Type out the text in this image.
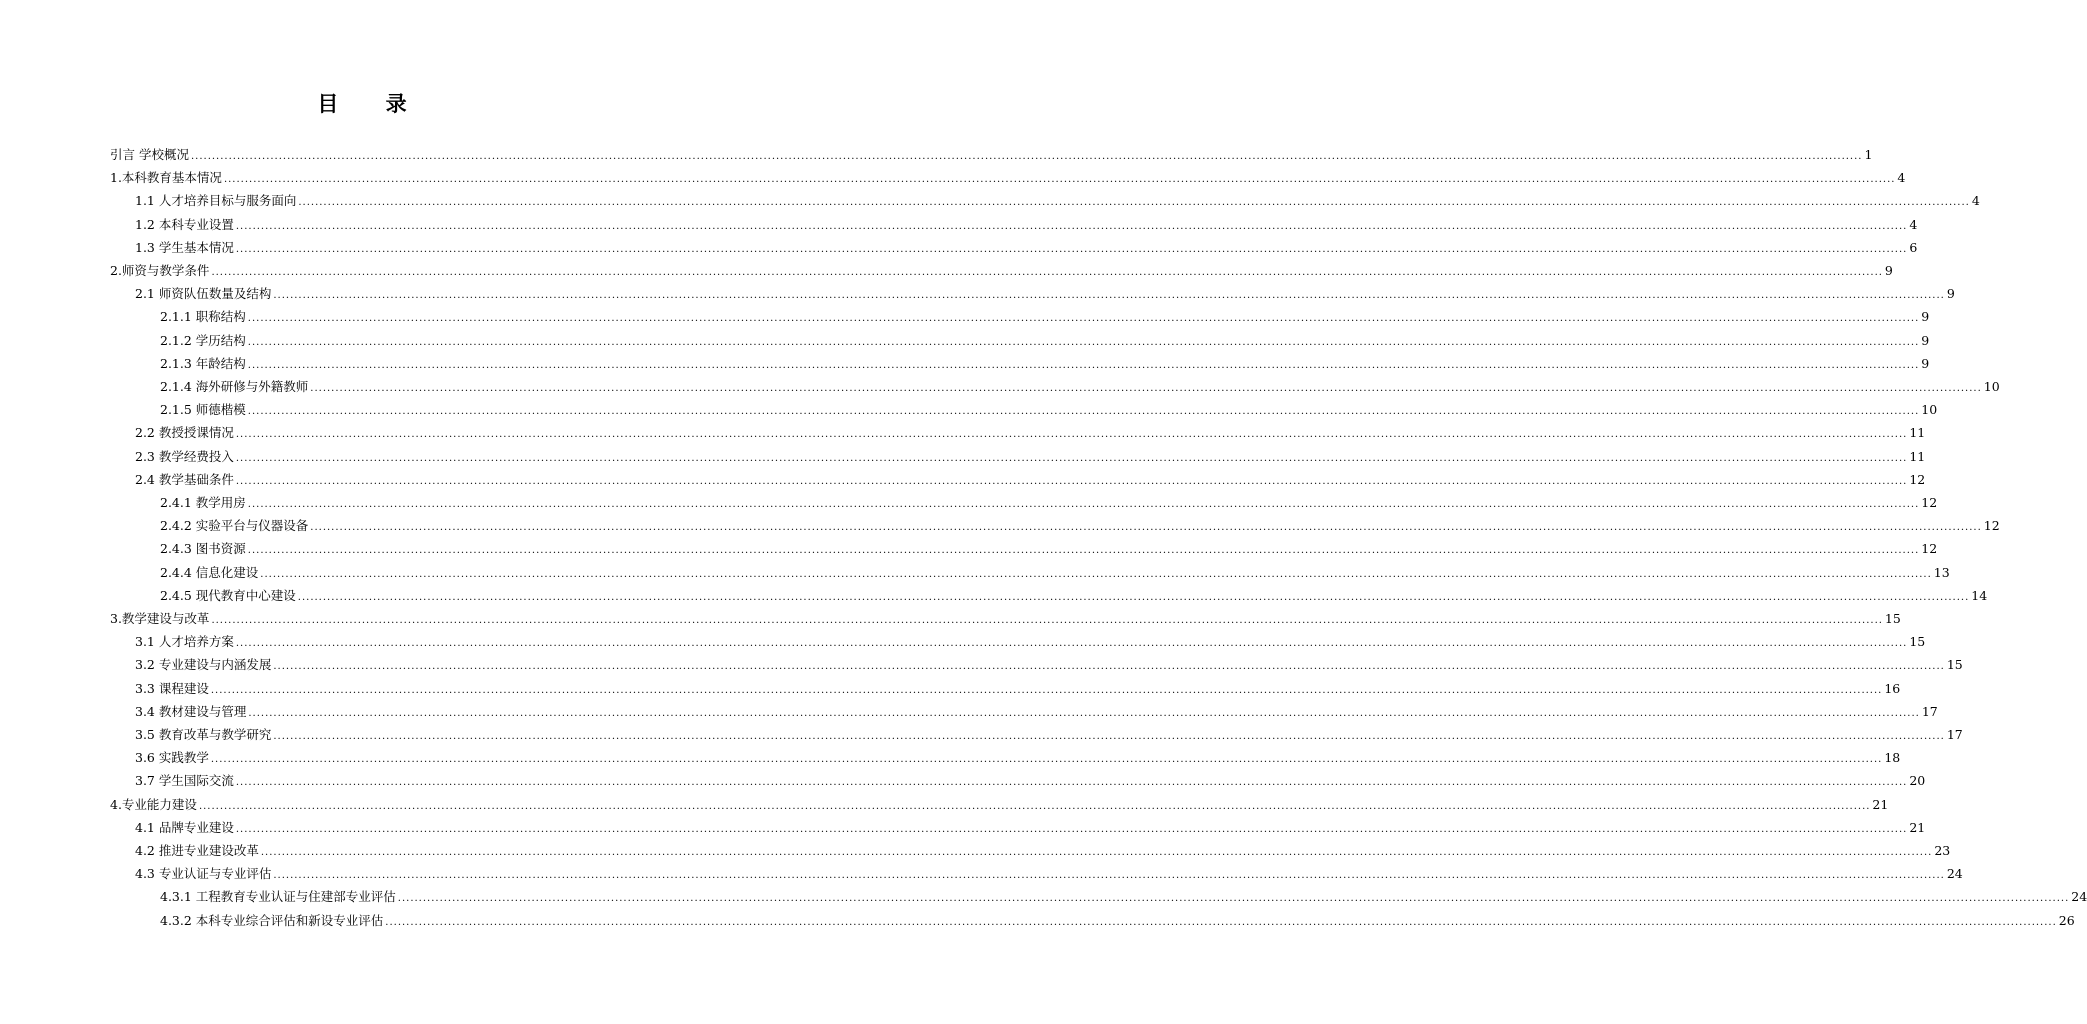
目 录
引言 学校概况 ................................................................................................................................................................................................................................................................................................................................................................................................................ 1
1.本科教育基本情况 ................................................................................................................................................................................................................................................................................................................................................................................................................ 4
1.1 人才培养目标与服务面向 ................................................................................................................................................................................................................................................................................................................................................................................................................ 4
1.2 本科专业设置 ................................................................................................................................................................................................................................................................................................................................................................................................................ 4
1.3 学生基本情况 ................................................................................................................................................................................................................................................................................................................................................................................................................ 6
2.师资与教学条件 ................................................................................................................................................................................................................................................................................................................................................................................................................ 9
2.1 师资队伍数量及结构 ................................................................................................................................................................................................................................................................................................................................................................................................................ 9
2.1.1 职称结构 ................................................................................................................................................................................................................................................................................................................................................................................................................ 9
2.1.2 学历结构 ................................................................................................................................................................................................................................................................................................................................................................................................................ 9
2.1.3 年龄结构 ................................................................................................................................................................................................................................................................................................................................................................................................................ 9
2.1.4 海外研修与外籍教师 ................................................................................................................................................................................................................................................................................................................................................................................................................ 10
2.1.5 师德楷模 ................................................................................................................................................................................................................................................................................................................................................................................................................ 10
2.2 教授授课情况 ................................................................................................................................................................................................................................................................................................................................................................................................................ 11
2.3 教学经费投入 ................................................................................................................................................................................................................................................................................................................................................................................................................ 11
2.4 教学基础条件 ................................................................................................................................................................................................................................................................................................................................................................................................................ 12
2.4.1 教学用房 ................................................................................................................................................................................................................................................................................................................................................................................................................ 12
2.4.2 实验平台与仪器设备 ................................................................................................................................................................................................................................................................................................................................................................................................................ 12
2.4.3 图书资源 ................................................................................................................................................................................................................................................................................................................................................................................................................ 12
2.4.4 信息化建设 ................................................................................................................................................................................................................................................................................................................................................................................................................ 13
2.4.5 现代教育中心建设 ................................................................................................................................................................................................................................................................................................................................................................................................................ 14
3.教学建设与改革 ................................................................................................................................................................................................................................................................................................................................................................................................................ 15
3.1 人才培养方案 ................................................................................................................................................................................................................................................................................................................................................................................................................ 15
3.2 专业建设与内涵发展 ................................................................................................................................................................................................................................................................................................................................................................................................................ 15
3.3 课程建设 ................................................................................................................................................................................................................................................................................................................................................................................................................ 16
3.4 教材建设与管理 ................................................................................................................................................................................................................................................................................................................................................................................................................ 17
3.5 教育改革与教学研究 ................................................................................................................................................................................................................................................................................................................................................................................................................ 17
3.6 实践教学 ................................................................................................................................................................................................................................................................................................................................................................................................................ 18
3.7 学生国际交流 ................................................................................................................................................................................................................................................................................................................................................................................................................ 20
4.专业能力建设 ................................................................................................................................................................................................................................................................................................................................................................................................................ 21
4.1 品牌专业建设 ................................................................................................................................................................................................................................................................................................................................................................................................................ 21
4.2 推进专业建设改革 ................................................................................................................................................................................................................................................................................................................................................................................................................ 23
4.3 专业认证与专业评估 ................................................................................................................................................................................................................................................................................................................................................................................................................ 24
4.3.1 工程教育专业认证与住建部专业评估 ................................................................................................................................................................................................................................................................................................................................................................................................................ 24
4.3.2 本科专业综合评估和新设专业评估 ................................................................................................................................................................................................................................................................................................................................................................................................................ 26
